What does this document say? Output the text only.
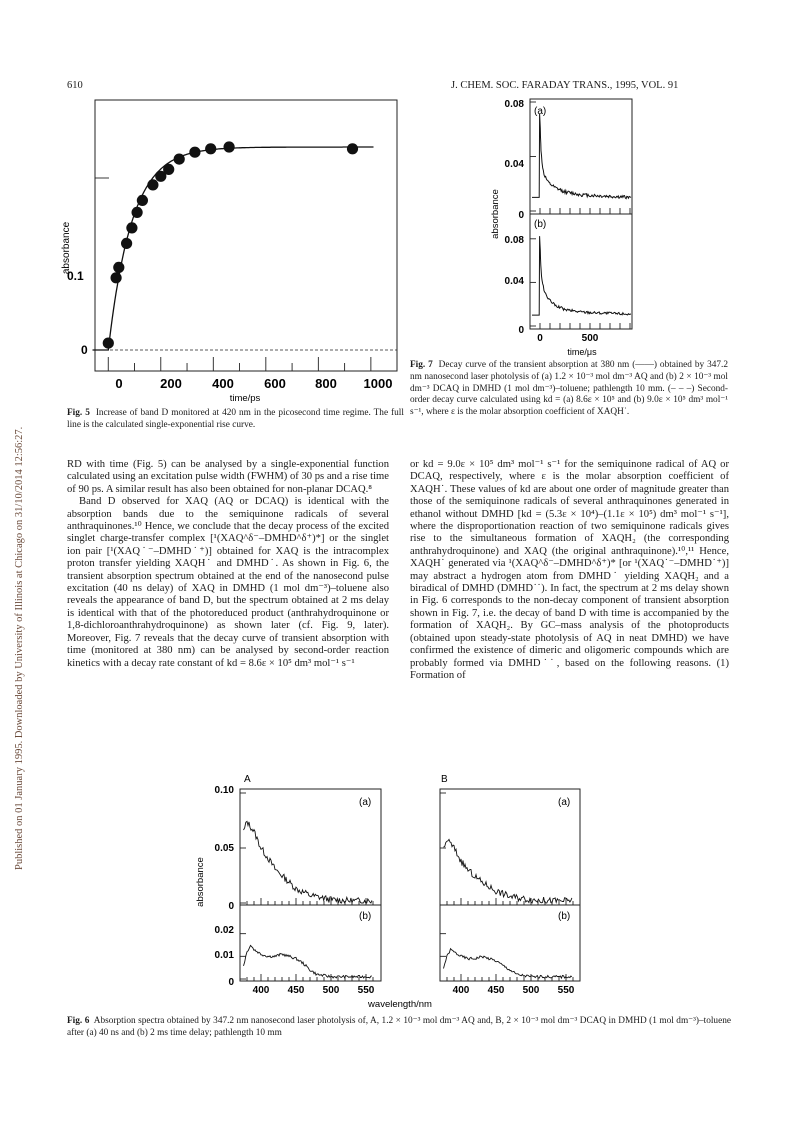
610	J. CHEM. SOC. FARADAY TRANS., 1995, VOL. 91
Published on 01 January 1995. Downloaded by University of Illinois at Chicago on 31/10/2014 12:56:27.
0.1
0
absorbance
0	200 400 600 800 1000
time/ps
Fig. 5 Increase of band D monitored at 420 nm in the picosecond time regime. The full line is the calculated single-exponential rise curve.
(a)
(b)
0.08
0.04
0
0.08
0.04
0
absorbance
0	500
time/μs
Fig. 7 Decay curve of the transient absorption at 380 nm (——) obtained by 347.2 nm nanosecond laser photolysis of (a) 1.2 × 10⁻³ mol dm⁻³ AQ and (b) 2 × 10⁻³ mol dm⁻³ DCAQ in DMHD (1 mol dm⁻³)–toluene; pathlength 10 mm. (– – –) Second-order decay curve calculated using kd = (a) 8.6ε × 10⁵ and (b) 9.0ε × 10⁵ dm³ mol⁻¹ s⁻¹, where ε is the molar absorption coefficient of XAQH˙.

RD with time (Fig. 5) can be analysed by a single-exponential function calculated using an excitation pulse width (FWHM) of 30 ps and a rise time of 90 ps. A similar result has also been obtained for non-planar DCAQ.⁸

Band D observed for XAQ (AQ or DCAQ) is identical with the absorption bands due to the semiquinone radicals of several anthraquinones.¹⁰ Hence, we conclude that the decay process of the excited singlet charge-transfer complex [¹(XAQ^δ⁻–DMHD^δ⁺)*] or the singlet ion pair [¹(XAQ˙⁻–DMHD˙⁺)] obtained for XAQ is the intracomplex proton transfer yielding XAQH˙ and DMHD˙. As shown in Fig. 6, the transient absorption spectrum obtained at the end of the nanosecond pulse excitation (40 ns delay) of XAQ in DMHD (1 mol dm⁻³)–toluene also reveals the appearance of band D, but the spectrum obtained at 2 ms delay is identical with that of the photoreduced product (anthrahydroquinone or 1,8-dichloroanthrahydroquinone) as shown later (cf. Fig. 9, later). Moreover, Fig. 7 reveals that the decay curve of transient absorption with time (monitored at 380 nm) can be analysed by second-order reaction kinetics with a decay rate constant of kd = 8.6ε × 10⁵ dm³ mol⁻¹ s⁻¹

or kd = 9.0ε × 10⁵ dm³ mol⁻¹ s⁻¹ for the semiquinone radical of AQ or DCAQ, respectively, where ε is the molar absorption coefficient of XAQH˙. These values of kd are about one order of magnitude greater than those of the semiquinone radicals of several anthraquinones generated in ethanol without DMHD [kd = (5.3ε × 10⁴)–(1.1ε × 10⁵) dm³ mol⁻¹ s⁻¹], where the disproportionation reaction of two semiquinone radicals gives rise to the simultaneous formation of XAQH₂ (the corresponding anthrahydroquinone) and XAQ (the original anthraquinone).¹⁰,¹¹ Hence, XAQH˙ generated via ¹(XAQ^δ⁻–DMHD^δ⁺)* [or ¹(XAQ˙⁻–DMHD˙⁺)] may abstract a hydrogen atom from DMHD˙ yielding XAQH₂ and a biradical of DMHD (DMHD˙˙). In fact, the spectrum at 2 ms delay shown in Fig. 6 corresponds to the non-decay component of transient absorption shown in Fig. 7, i.e. the decay of band D with time is accompanied by the formation of XAQH₂. By GC–mass analysis of the photoproducts (obtained upon steady-state photolysis of AQ in neat DMHD) we have confirmed the existence of dimeric and oligomeric compounds which are probably formed via DMHD˙˙, based on the following reasons. (1) Formation of

A	B
(a)
(b)
(a)
(b)
0.10
0.05
0
0.02
0.01
0
absorbance
400 450 500 550	400 450 500 550
wavelength/nm
Fig. 6 Absorption spectra obtained by 347.2 nm nanosecond laser photolysis of, A, 1.2 × 10⁻³ mol dm⁻³ AQ and, B, 2 × 10⁻³ mol dm⁻³ DCAQ in DMHD (1 mol dm⁻³)–toluene after (a) 40 ns and (b) 2 ms time delay; pathlength 10 mm
